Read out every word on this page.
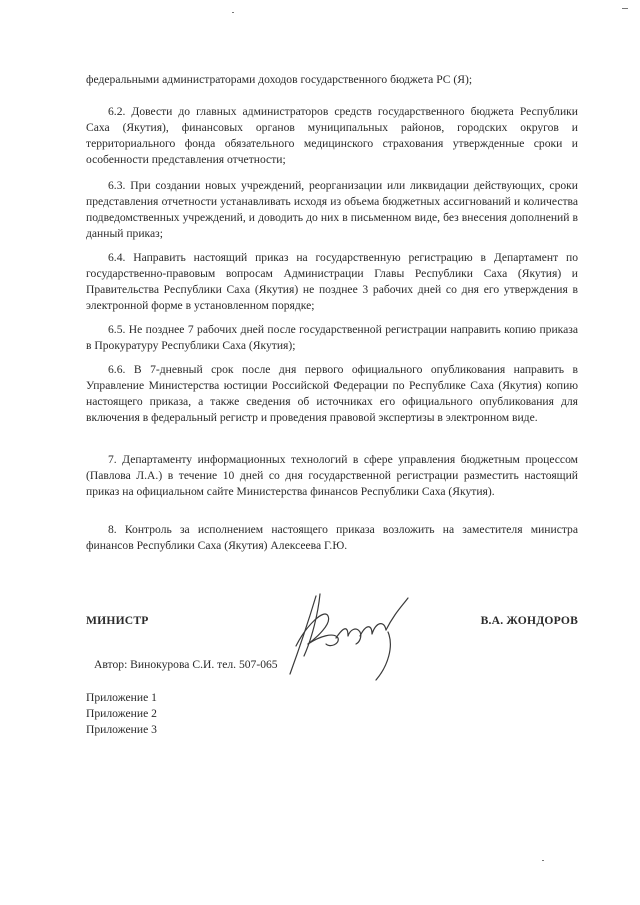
федеральными администраторами доходов государственного бюджета РС (Я);

6.2. Довести до главных администраторов средств государственного бюджета Республики Саха (Якутия), финансовых органов муниципальных районов, городских округов и территориального фонда обязательного медицинского страхования утвержденные сроки и особенности представления отчетности;

6.3. При создании новых учреждений, реорганизации или ликвидации действующих, сроки представления отчетности устанавливать исходя из объема бюджетных ассигнований и количества подведомственных учреждений, и доводить до них в письменном виде, без внесения дополнений в данный приказ;

6.4. Направить настоящий приказ на государственную регистрацию в Департамент по государственно-правовым вопросам Администрации Главы Республики Саха (Якутия) и Правительства Республики Саха (Якутия) не позднее 3 рабочих дней со дня его утверждения в электронной форме в установленном порядке;

6.5. Не позднее 7 рабочих дней после государственной регистрации направить копию приказа в Прокуратуру Республики Саха (Якутия);

6.6. В 7-дневный срок после дня первого официального опубликования направить в Управление Министерства юстиции Российской Федерации по Республике Саха (Якутия) копию настоящего приказа, а также сведения об источниках его официального опубликования для включения в федеральный регистр и проведения правовой экспертизы в электронном виде.

7. Департаменту информационных технологий в сфере управления бюджетным процессом (Павлова Л.А.) в течение 10 дней со дня государственной регистрации разместить настоящий приказ на официальном сайте Министерства финансов Республики Саха (Якутия).

8. Контроль за исполнением настоящего приказа возложить на заместителя министра финансов Республики Саха (Якутия) Алексеева Г.Ю.

МИНИСТР	В.А. ЖОНДОРОВ
Автор: Винокурова С.И. тел. 507-065
Приложение 1
Приложение 2
Приложение 3
